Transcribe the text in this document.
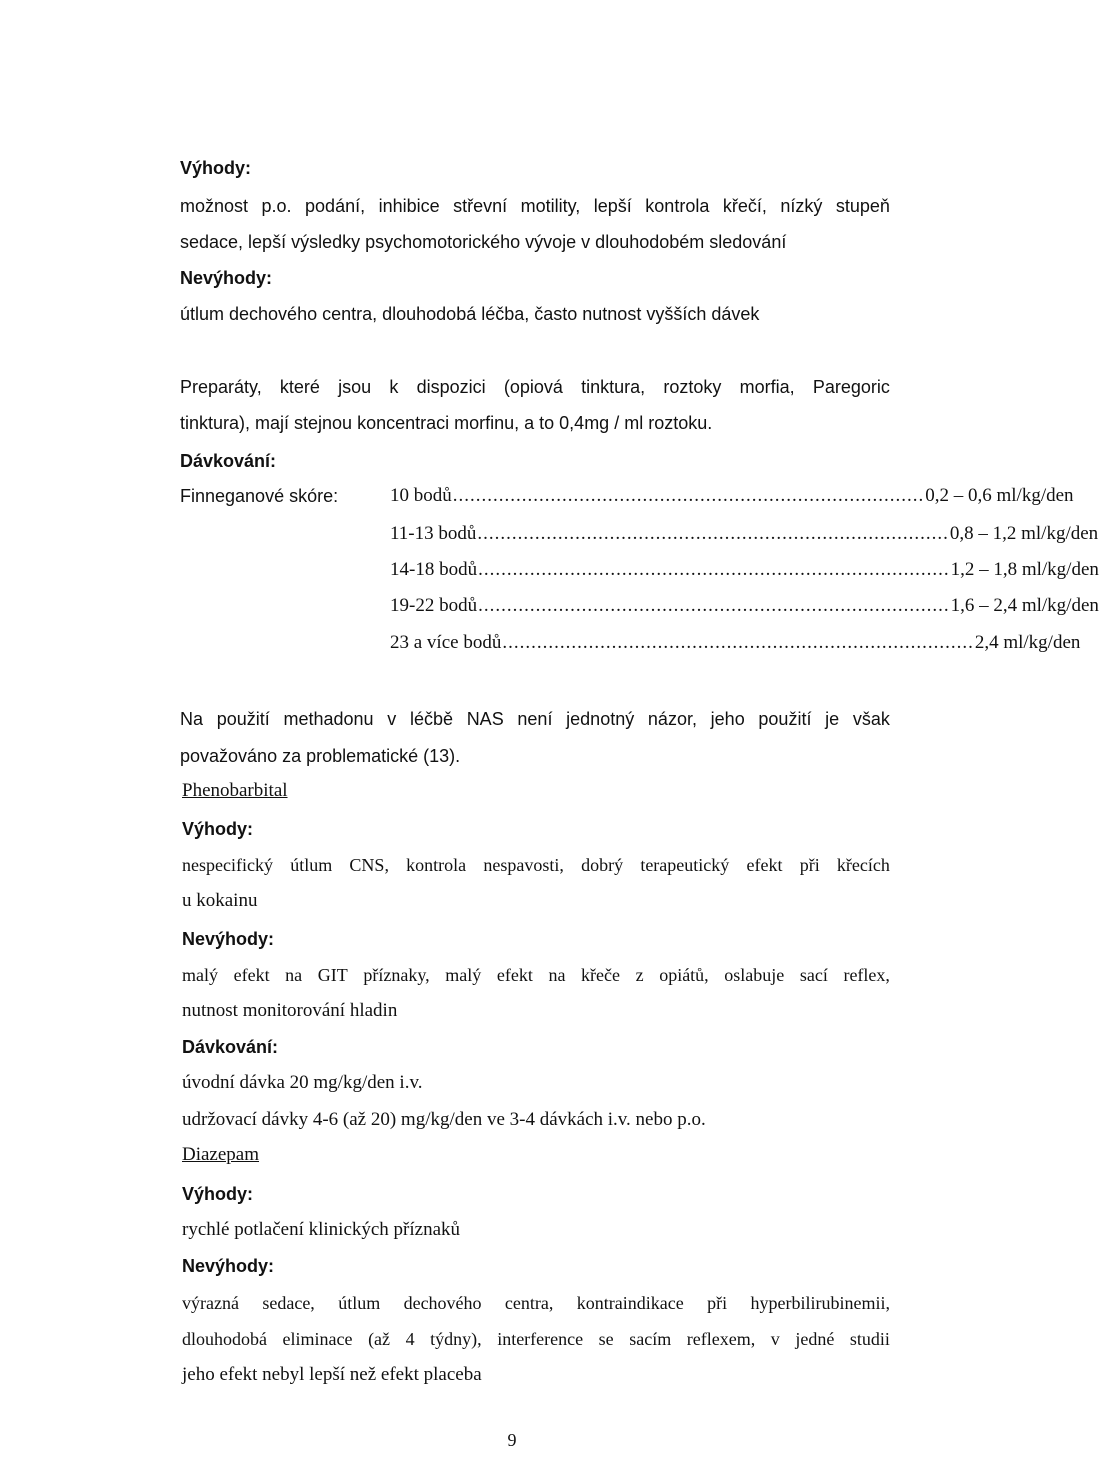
Výhody:
možnost p.o. podání, inhibice střevní motility, lepší kontrola křečí, nízký stupeň
sedace, lepší výsledky psychomotorického vývoje v dlouhodobém sledování
Nevýhody:
útlum dechového centra, dlouhodobá léčba, často nutnost vyšších dávek
Preparáty, které jsou k dispozici (opiová tinktura, roztoky morfia, Paregoric
tinktura), mají stejnou koncentraci morfinu, a to 0,4mg / ml roztoku.
Dávkování:
Finneganové skóre:	10 bodů .................................................................................. 0,2 – 0,6 ml/kg/den
11-13 bodů .................................................................................. 0,8 – 1,2 ml/kg/den
14-18 bodů .................................................................................. 1,2 – 1,8 ml/kg/den
19-22 bodů .................................................................................. 1,6 – 2,4 ml/kg/den
23 a více bodů .................................................................................. 2,4 ml/kg/den
Na použití methadonu v léčbě NAS není jednotný názor, jeho použití je však
považováno za problematické (13).
Phenobarbital
Výhody:
nespecifický útlum CNS, kontrola nespavosti, dobrý terapeutický efekt při křecích
u kokainu
Nevýhody:
malý efekt na GIT příznaky, malý efekt na křeče z opiátů, oslabuje sací reflex,
nutnost monitorování hladin
Dávkování:
úvodní dávka 20 mg/kg/den i.v.
udržovací dávky 4-6 (až 20) mg/kg/den ve 3-4 dávkách i.v. nebo p.o.
Diazepam
Výhody:
rychlé potlačení klinických příznaků
Nevýhody:
výrazná sedace, útlum dechového centra, kontraindikace při hyperbilirubinemii,
dlouhodobá eliminace (až 4 týdny), interference se sacím reflexem, v jedné studii
jeho efekt nebyl lepší než efekt placeba
9
